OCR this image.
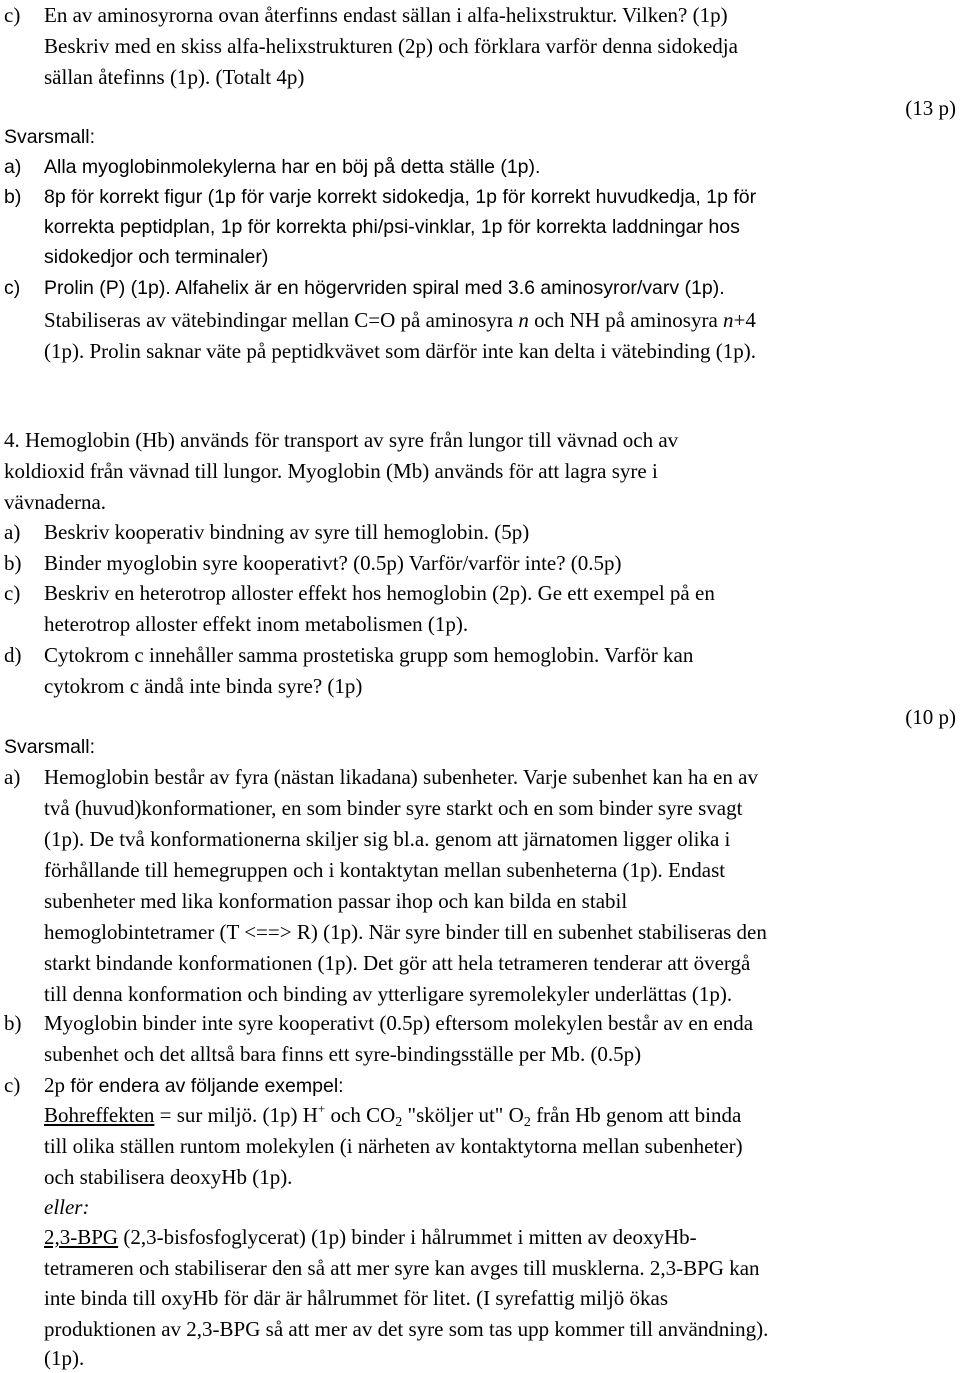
c) En av aminosyrorna ovan återfinns endast sällan i alfa-helixstruktur. Vilken? (1p)
Beskriv med en skiss alfa-helixstrukturen (2p) och förklara varför denna sidokedja
sällan åtefinns (1p). (Totalt 4p)
(13 p)
Svarsmall:
a) Alla myoglobinmolekylerna har en böj på detta ställe (1p).
b) 8p för korrekt figur (1p för varje korrekt sidokedja, 1p för korrekt huvudkedja, 1p för
korrekta peptidplan, 1p för korrekta phi/psi-vinklar, 1p för korrekta laddningar hos
sidokedjor och terminaler)
c) Prolin (P) (1p). Alfahelix är en högervriden spiral med 3.6 aminosyror/varv (1p).
Stabiliseras av vätebindingar mellan C=O på aminosyra n och NH på aminosyra n+4
(1p). Prolin saknar väte på peptidkvävet som därför inte kan delta i vätebinding (1p).
4. Hemoglobin (Hb) används för transport av syre från lungor till vävnad och av
koldioxid från vävnad till lungor. Myoglobin (Mb) används för att lagra syre i
vävnaderna.
a) Beskriv kooperativ bindning av syre till hemoglobin. (5p)
b) Binder myoglobin syre kooperativt? (0.5p) Varför/varför inte? (0.5p)
c) Beskriv en heterotrop alloster effekt hos hemoglobin (2p). Ge ett exempel på en
heterotrop alloster effekt inom metabolismen (1p).
d) Cytokrom c innehåller samma prostetiska grupp som hemoglobin. Varför kan
cytokrom c ändå inte binda syre? (1p)
(10 p)
Svarsmall:
a) Hemoglobin består av fyra (nästan likadana) subenheter. Varje subenhet kan ha en av
två (huvud)konformationer, en som binder syre starkt och en som binder syre svagt
(1p). De två konformationerna skiljer sig bl.a. genom att järnatomen ligger olika i
förhållande till hemegruppen och i kontaktytan mellan subenheterna (1p). Endast
subenheter med lika konformation passar ihop och kan bilda en stabil
hemoglobintetramer (T <==> R) (1p). När syre binder till en subenhet stabiliseras den
starkt bindande konformationen (1p). Det gör att hela tetrameren tenderar att övergå
till denna konformation och binding av ytterligare syremolekyler underlättas (1p).
b) Myoglobin binder inte syre kooperativt (0.5p) eftersom molekylen består av en enda
subenhet och det alltså bara finns ett syre-bindingsställe per Mb. (0.5p)
c) 2p för endera av följande exempel:
Bohreffekten = sur miljö. (1p) H+ och $CO_2$ "sköljer ut" $O_2$ från Hb genom att binda
till olika ställen runtom molekylen (i närheten av kontaktytorna mellan subenheter)
och stabilisera deoxyHb (1p).
eller:
2,3-BPG (2,3-bisfosfoglycerat) (1p) binder i hålrummet i mitten av deoxyHb-
tetrameren och stabiliserar den så att mer syre kan avges till musklerna. 2,3-BPG kan
inte binda till oxyHb för där är hålrummet för litet. (I syrefattig miljö ökas
produktionen av 2,3-BPG så att mer av det syre som tas upp kommer till användning).
(1p).
